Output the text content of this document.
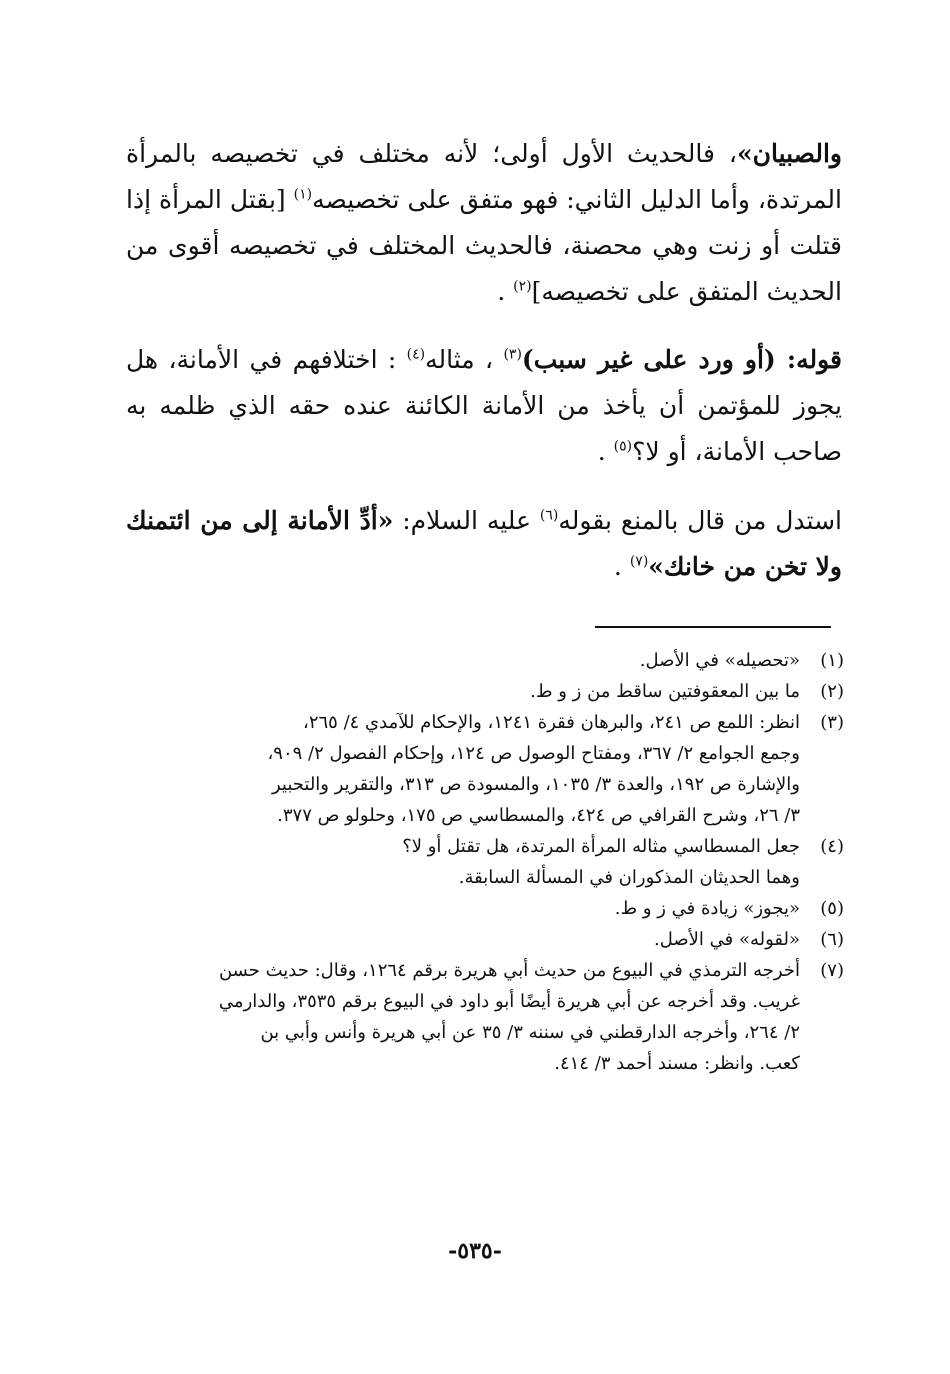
والصبيان»، فالحديث الأول أولى؛ لأنه مختلف في تخصيصه بالمرأة المرتدة، وأما الدليل الثاني: فهو متفق على تخصيصه$^{(١)}$ [بقتل المرأة إذا قتلت أو زنت وهي محصنة، فالحديث المختلف في تخصيصه أقوى من الحديث المتفق على تخصيصه]$^{(٢)}$ .

قوله: (أو ورد على غير سبب)$^{(٣)}$ ، مثاله$^{(٤)}$ : اختلافهم في الأمانة، هل يجوز للمؤتمن أن يأخذ من الأمانة الكائنة عنده حقه الذي ظلمه به صاحب الأمانة، أو لا؟$^{(٥)}$ .

استدل من قال بالمنع بقوله$^{(٦)}$ عليه السلام: «أدِّ الأمانة إلى من ائتمنك ولا تخن من خانك»$^{(٧)}$ .

(١)
«تحصيله» في الأصل.
(٢)
ما بين المعقوفتين ساقط من ز و ط.
(٣)
انظر: اللمع ص ٢٤١، والبرهان فقرة ١٢٤١، والإحكام للآمدي ٤/ ٢٦٥،
وجمع الجوامع ٢/ ٣٦٧، ومفتاح الوصول ص ١٢٤، وإحكام الفصول ٢/ ٩٠٩،
والإشارة ص ١٩٢، والعدة ٣/ ١٠٣٥، والمسودة ص ٣١٣، والتقرير والتحبير
٣/ ٢٦، وشرح القرافي ص ٤٢٤، والمسطاسي ص ١٧٥، وحلولو ص ٣٧٧.
(٤)
جعل المسطاسي مثاله المرأة المرتدة، هل تقتل أو لا؟
وهما الحديثان المذكوران في المسألة السابقة.
(٥)
«يجوز» زيادة في ز و ط.
(٦)
«لقوله» في الأصل.
(٧)
أخرجه الترمذي في البيوع من حديث أبي هريرة برقم ١٢٦٤، وقال: حديث حسن
غريب. وقد أخرجه عن أبي هريرة أيضًا أبو داود في البيوع برقم ٣٥٣٥، والدارمي
٢/ ٢٦٤، وأخرجه الدارقطني في سننه ٣/ ٣٥ عن أبي هريرة وأنس وأبي بن
كعب. وانظر: مسند أحمد ٣/ ٤١٤.
-٥٣٥-
